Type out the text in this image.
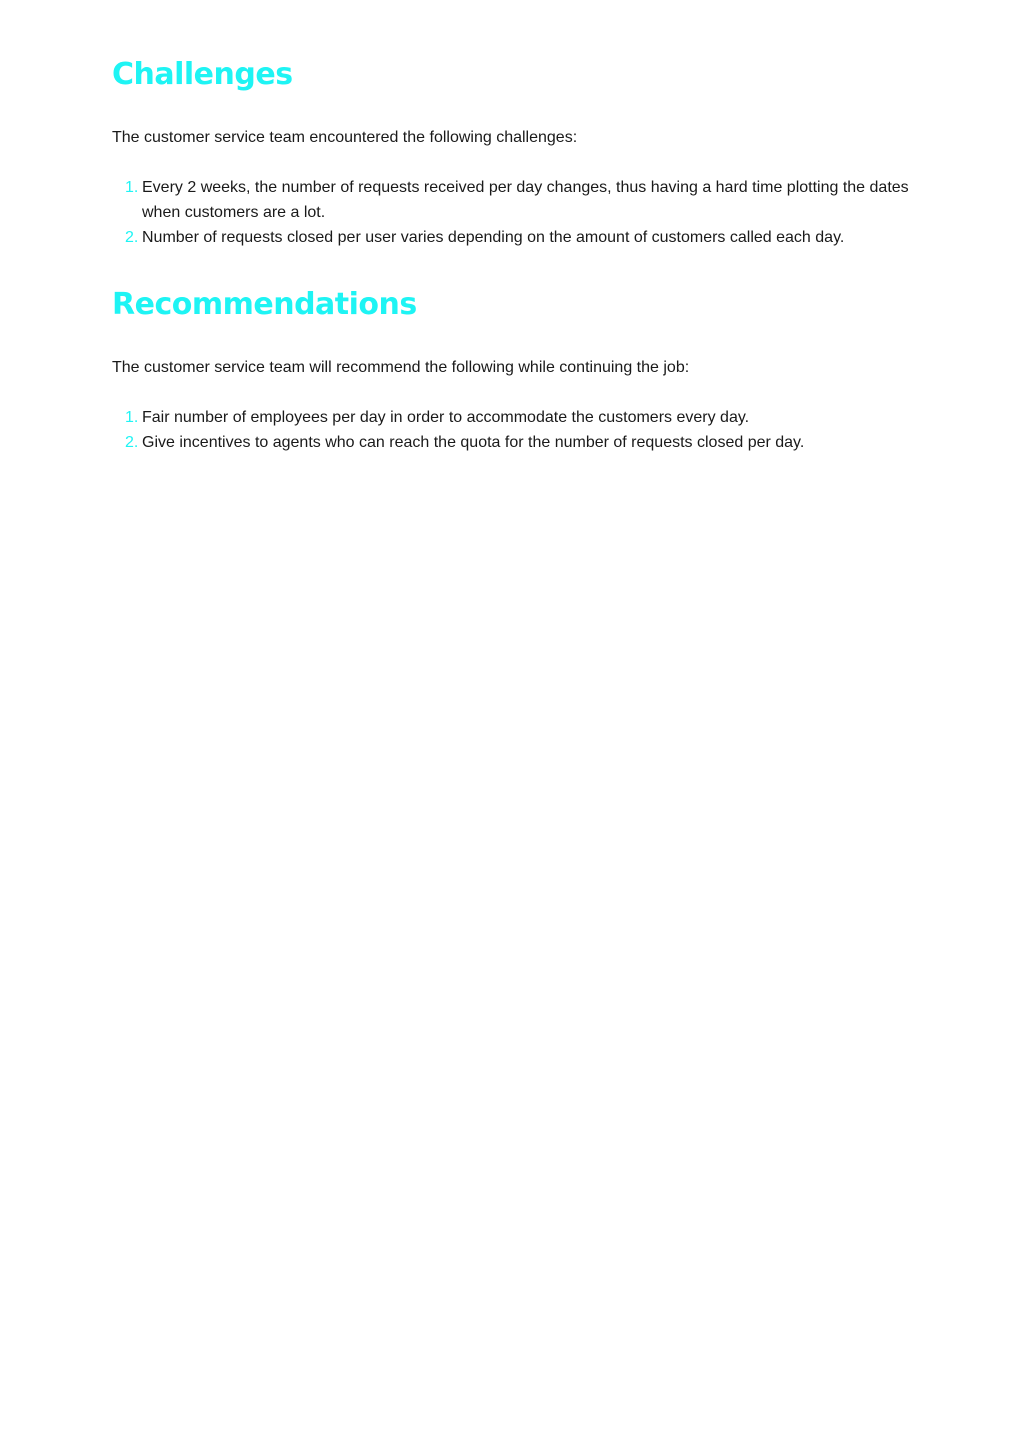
Challenges

The customer service team encountered the following challenges:

1. Every 2 weeks, the number of requests received per day changes, thus having a hard time plotting the dates when customers are a lot.
2. Number of requests closed per user varies depending on the amount of customers called each day.
Recommendations

The customer service team will recommend the following while continuing the job:

1. Fair number of employees per day in order to accommodate the customers every day.
2. Give incentives to agents who can reach the quota for the number of requests closed per day.
